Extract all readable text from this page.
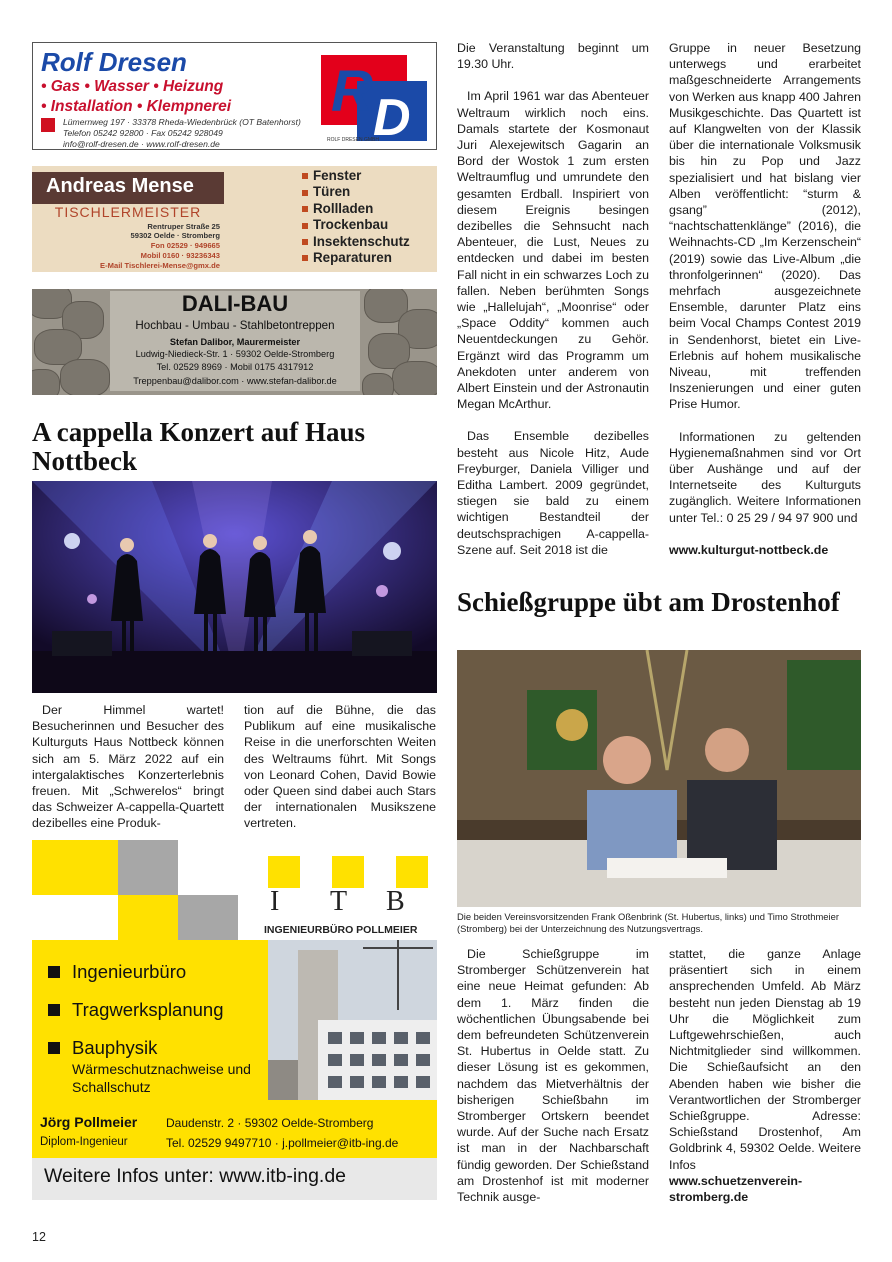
Rolf Dresen
• Gas • Wasser • Heizung
• Installation • Klempnerei
Lümernweg 197 · 33378 Rheda-Wiedenbrück (OT Batenhorst)
Telefon 05242 92800 · Fax 05242 928049
info@rolf-dresen.de · www.rolf-dresen.de
R D
ROLF DRESEN GMBH
Andreas Mense
TISCHLERMEISTER
Rentruper Straße 25
59302 Oelde · Stromberg
Fon 02529 · 949665
Mobil 0160 · 93236343
E-Mail Tischlerei-Mense@gmx.de
Fenster
Türen
Rollladen
Trockenbau
Insektenschutz
Reparaturen
DALI-BAU
Hochbau - Umbau - Stahlbetontreppen
Stefan Dalibor, Maurermeister
Ludwig-Niedieck-Str. 1 · 59302 Oelde-Stromberg
Tel. 02529 8969 · Mobil 0175 4317912
Treppenbau@dalibor.com · www.stefan-dalibor.de
A cappella Konzert auf Haus Nottbeck

Der Himmel wartet! Besucherinnen und Besucher des Kulturguts Haus Nottbeck können sich am 5. März 2022 auf ein intergalaktisches Konzerterlebnis freuen. Mit „Schwerelos“ bringt das Schweizer A-cappella-Quartett dezibelles eine Produk-

tion auf die Bühne, die das Publikum auf eine musikalische Reise in die unerforschten Weiten des Weltraums führt. Mit Songs von Leonard Cohen, David Bowie oder Queen sind dabei auch Stars der internationalen Musikszene vertreten.

Die Veranstaltung beginnt um 19.30 Uhr.

Im April 1961 war das Abenteuer Weltraum wirklich noch eins. Damals startete der Kosmonaut Juri Alexejewitsch Gagarin an Bord der Wostok 1 zum ersten Weltraumflug und umrundete den gesamten Erdball. Inspiriert von diesem Ereignis besingen dezibelles die Sehnsucht nach Abenteuer, die Lust, Neues zu entdecken und dabei im besten Fall nicht in ein schwarzes Loch zu fallen. Neben berühmten Songs wie „Hallelujah“, „Moonrise“ oder „Space Oddity“ kommen auch Neuentdeckungen zu Gehör. Ergänzt wird das Programm um Anekdoten unter anderem von Albert Einstein und der Astronautin Megan McArthur.

Das Ensemble dezibelles besteht aus Nicole Hitz, Aude Freyburger, Daniela Villiger und Editha Lambert. 2009 gegründet, stiegen sie bald zu einem wichtigen Bestandteil der deutschsprachigen A-cappella-Szene auf. Seit 2018 ist die

Gruppe in neuer Besetzung unterwegs und erarbeitet maßgeschneiderte Arrangements von Werken aus knapp 400 Jahren Musikgeschichte. Das Quartett ist auf Klangwelten von der Klassik über die internationale Volksmusik bis hin zu Pop und Jazz spezialisiert und hat bislang vier Alben veröffentlicht: “sturm & gsang” (2012), “nachtschattenklänge” (2016), die Weihnachts-CD „Im Kerzenschein“ (2019) sowie das Live-Album „die thronfolgerinnen“ (2020). Das mehrfach ausgezeichnete Ensemble, darunter Platz eins beim Vocal Champs Contest 2019 in Sendenhorst, bietet ein Live-Erlebnis auf hohem musikalische Niveau, mit treffenden Inszenierungen und einer guten Prise Humor.

Informationen zu geltenden Hygienemaßnahmen sind vor Ort über Aushänge und auf der Internetseite des Kulturguts zugänglich. Weitere Informationen unter Tel.: 0 25 29 / 94 97 900 und

www.kulturgut-nottbeck.de

I T B
INGENIEURBÜRO POLLMEIER
Ingenieurbüro
Tragwerksplanung
Bauphysik
Wärmeschutznachweise und Schallschutz
Jörg Pollmeier
Diplom-Ingenieur
Daudenstr. 2 · 59302 Oelde-Stromberg
Tel. 02529 9497710 · j.pollmeier@itb-ing.de
Weitere Infos unter: www.itb-ing.de
Schießgruppe übt am Drostenhof
Die beiden Vereinsvorsitzenden Frank Oßenbrink (St. Hubertus, links) und Timo Strothmeier (Stromberg) bei der Unterzeichnung des Nutzungsvertrags.

Die Schießgruppe im Stromberger Schützenverein hat eine neue Heimat gefunden: Ab dem 1. März finden die wöchentlichen Übungsabende bei dem befreundeten Schützenverein St. Hubertus in Oelde statt. Zu dieser Lösung ist es gekommen, nachdem das Mietverhältnis der bisherigen Schießbahn im Stromberger Ortskern beendet wurde. Auf der Suche nach Ersatz ist man in der Nachbarschaft fündig geworden. Der Schießstand am Drostenhof ist mit moderner Technik ausge-

stattet, die ganze Anlage präsentiert sich in einem ansprechenden Umfeld. Ab März besteht nun jeden Dienstag ab 19 Uhr die Möglichkeit zum Luftgewehrschießen, auch Nichtmitglieder sind willkommen. Die Schießaufsicht an den Abenden haben wie bisher die Verantwortlichen der Stromberger Schießgruppe. Adresse: Schießstand Drostenhof, Am Goldbrink 4, 59302 Oelde. Weitere Infos

www.schuetzenverein-stromberg.de

12
